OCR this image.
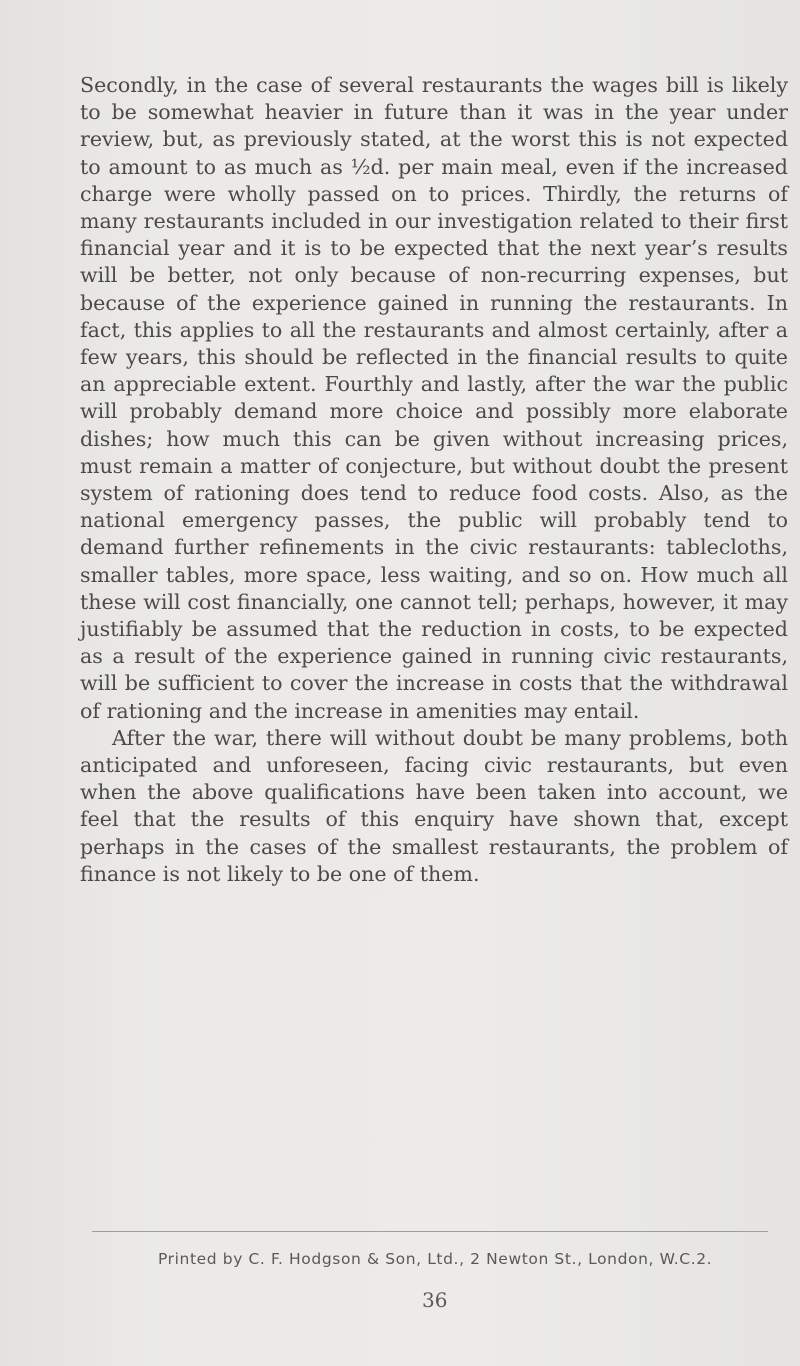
Secondly, in the case of several restaurants the wages bill is likely to be somewhat heavier in future than it was in the year under review, but, as previously stated, at the worst this is not expected to amount to as much as ½d. per main meal, even if the increased charge were wholly passed on to prices. Thirdly, the returns of many restaurants included in our investigation related to their first financial year and it is to be expected that the next year’s results will be better, not only because of non-recurring expenses, but because of the experience gained in running the restaurants. In fact, this applies to all the restaurants and almost certainly, after a few years, this should be reflected in the financial results to quite an appreciable extent. Fourthly and lastly, after the war the public will probably demand more choice and possibly more elaborate dishes; how much this can be given without increasing prices, must remain a matter of conjecture, but without doubt the present system of rationing does tend to reduce food costs. Also, as the national emergency passes, the public will probably tend to demand further refinements in the civic restaurants: tablecloths, smaller tables, more space, less waiting, and so on. How much all these will cost financially, one cannot tell; perhaps, however, it may justifiably be assumed that the reduction in costs, to be expected as a result of the experience gained in running civic restaurants, will be sufficient to cover the increase in costs that the withdrawal of rationing and the increase in amenities may entail.

After the war, there will without doubt be many problems, both anticipated and unforeseen, facing civic restaurants, but even when the above qualifications have been taken into account, we feel that the results of this enquiry have shown that, except perhaps in the cases of the smallest restaurants, the problem of finance is not likely to be one of them.

Printed by C. F. Hodgson & Son, Ltd., 2 Newton St., London, W.C.2.
36
